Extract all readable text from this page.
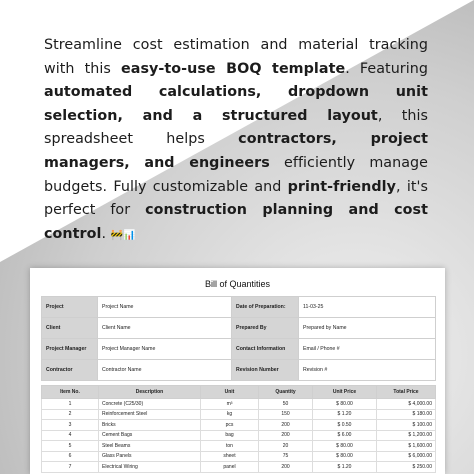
Streamline cost estimation and material tracking with this easy-to-use BOQ template. Featuring automated calculations, dropdown unit selection, and a structured layout, this spreadsheet helps contractors, project managers, and engineers efficiently manage budgets. Fully customizable and print-friendly, it's perfect for construction planning and cost control. 🚧📊
Bill of Quantities
Project	Project Name	Date of Preparation:	11-03-25
Client	Client Name	Prepared By	Prepared by Name
Project Manager	Project Manager Name	Contact Information	Email / Phone #
Contractor	Contractor Name	Revision Number	Revision #
Item No.	Description	Unit	Quantity	Unit Price	Total Price
1	Concrete (C25/30)	m³	50	$ 80.00	$ 4,000.00
2	Reinforcement Steel	kg	150	$ 1.20	$ 180.00
3	Bricks	pcs	200	$ 0.50	$ 100.00
4	Cement Bags	bag	200	$ 6.00	$ 1,200.00
5	Steel Beams	ton	20	$ 80.00	$ 1,600.00
6	Glass Panels	sheet	75	$ 80.00	$ 6,000.00
7	Electrical Wiring	panel	200	$ 1.20	$ 250.00
